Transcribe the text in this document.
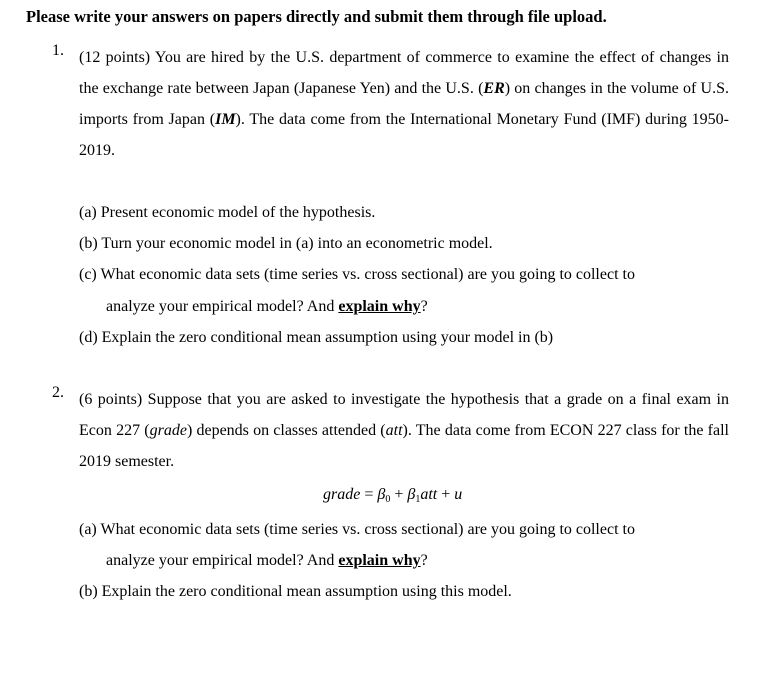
Please write your answers on papers directly and submit them through file upload.
1. (12 points) You are hired by the U.S. department of commerce to examine the effect of changes in the exchange rate between Japan (Japanese Yen) and the U.S. (ER) on changes in the volume of U.S. imports from Japan (IM). The data come from the International Monetary Fund (IMF) during 1950-2019.
(a) Present economic model of the hypothesis.
(b) Turn your economic model in (a) into an econometric model.
(c) What economic data sets (time series vs. cross sectional) are you going to collect to
analyze your empirical model? And explain why?
(d) Explain the zero conditional mean assumption using your model in (b)
2. (6 points) Suppose that you are asked to investigate the hypothesis that a grade on a final exam in Econ 227 (grade) depends on classes attended (att). The data come from ECON 227 class for the fall 2019 semester.
grade = $\beta_0 + \beta_1att + u$
(a) What economic data sets (time series vs. cross sectional) are you going to collect to
analyze your empirical model? And explain why?
(b) Explain the zero conditional mean assumption using this model.
